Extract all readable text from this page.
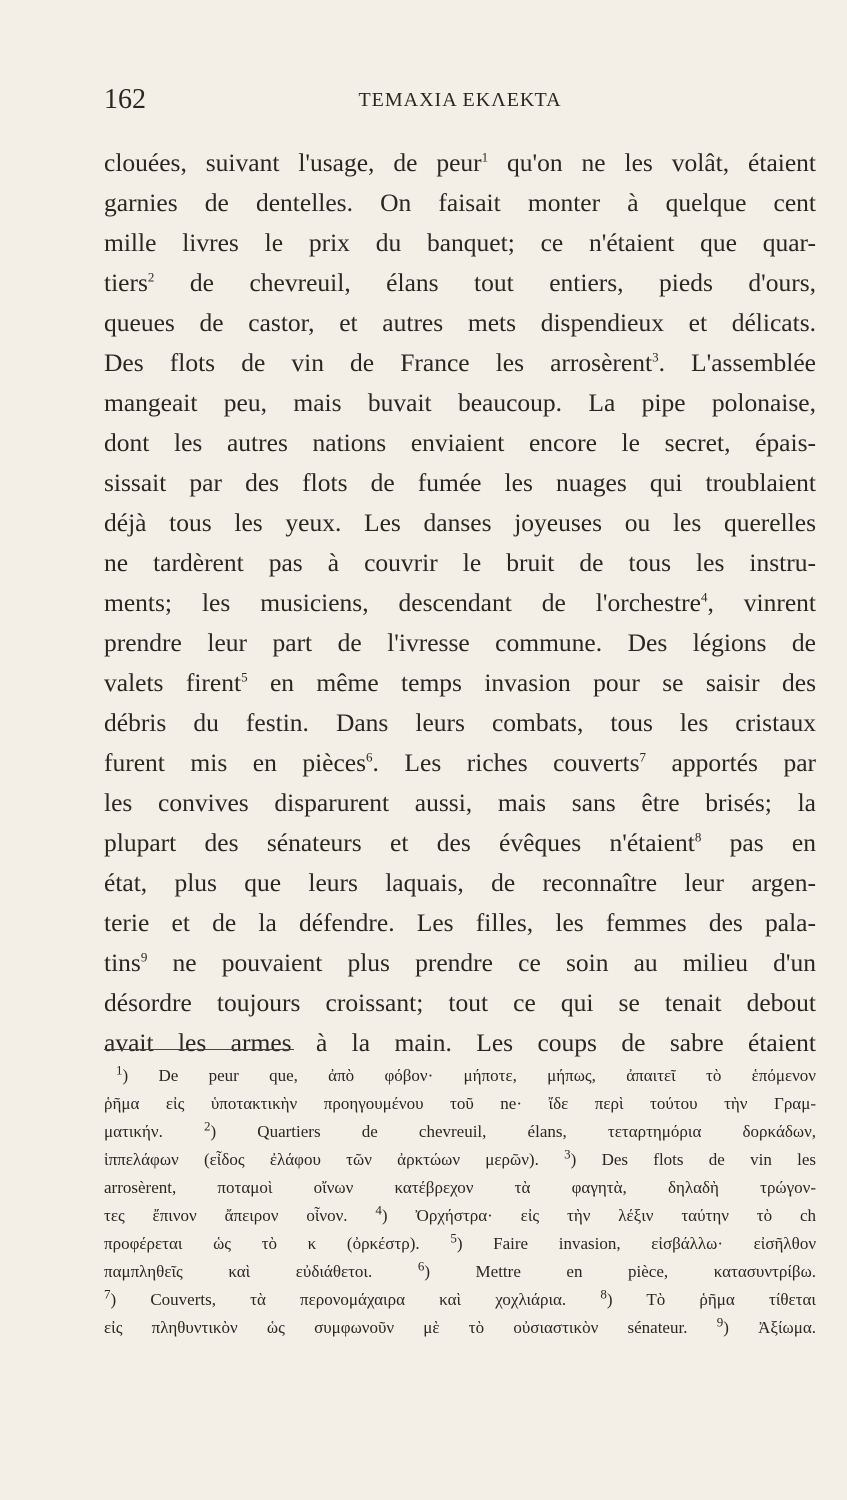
162	ΤΕΜΑΧΙΑ ΕΚΛΕΚΤΑ
clouées, suivant l'usage, de peur$^1$ qu'on ne les volât, étaient
garnies de dentelles. On faisait monter à quelque cent
mille livres le prix du banquet; ce n'étaient que quar-
tiers$^2$ de chevreuil, élans tout entiers, pieds d'ours,
queues de castor, et autres mets dispendieux et délicats.
Des flots de vin de France les arrosèrent$^3$. L'assemblée
mangeait peu, mais buvait beaucoup. La pipe polonaise,
dont les autres nations enviaient encore le secret, épais-
sissait par des flots de fumée les nuages qui troublaient
déjà tous les yeux. Les danses joyeuses ou les querelles
ne tardèrent pas à couvrir le bruit de tous les instru-
ments; les musiciens, descendant de l'orchestre$^4$, vinrent
prendre leur part de l'ivresse commune. Des légions de
valets firent$^5$ en même temps invasion pour se saisir des
débris du festin. Dans leurs combats, tous les cristaux
furent mis en pièces$^6$. Les riches couverts$^7$ apportés par
les convives disparurent aussi, mais sans être brisés; la
plupart des sénateurs et des évêques n'étaient$^8$ pas en
état, plus que leurs laquais, de reconnaître leur argen-
terie et de la défendre. Les filles, les femmes des pala-
tins$^9$ ne pouvaient plus prendre ce soin au milieu d'un
désordre toujours croissant; tout ce qui se tenait debout
avait les armes à la main. Les coups de sabre étaient
$^1$) De peur que, ἀπὸ φόβον· μήποτε, μήπως, ἀπαιτεῖ τὸ ἑπόμενον
ῥῆμα εἰς ὑποτακτικὴν προηγουμένου τοῦ ne· ἴδε περὶ τούτου τὴν Γραμ-
ματικήν. $^2$) Quartiers de chevreuil, élans, τεταρτημόρια δορκάδων,
ἱππελάφων (εἶδος ἐλάφου τῶν ἀρκτώων μερῶν). $^3$) Des flots de vin les
arrosèrent, ποταμοὶ οἴνων κατέβρεχον τὰ φαγητὰ, δηλαδὴ τρώγον-
τες ἔπινον ἄπειρον οἶνον. $^4$) Ὀρχήστρα· εἰς τὴν λέξιν ταύτην τὸ ch
προφέρεται ὡς τὸ κ (ὀρκέστρ). $^5$) Faire invasion, εἰσβάλλω· εἰσῆλθον
παμπληθεῖς καὶ εὐδιάθετοι. $^6$) Mettre en pièce, κατασυντρίβω.
$^7$) Couverts, τὰ περονομάχαιρα καὶ χοχλιάρια. $^8$) Τὸ ῥῆμα τίθεται
εἰς πληθυντικὸν ὡς συμφωνοῦν μὲ τὸ οὐσιαστικὸν sénateur. $^9$) Ἀξίωμα.
